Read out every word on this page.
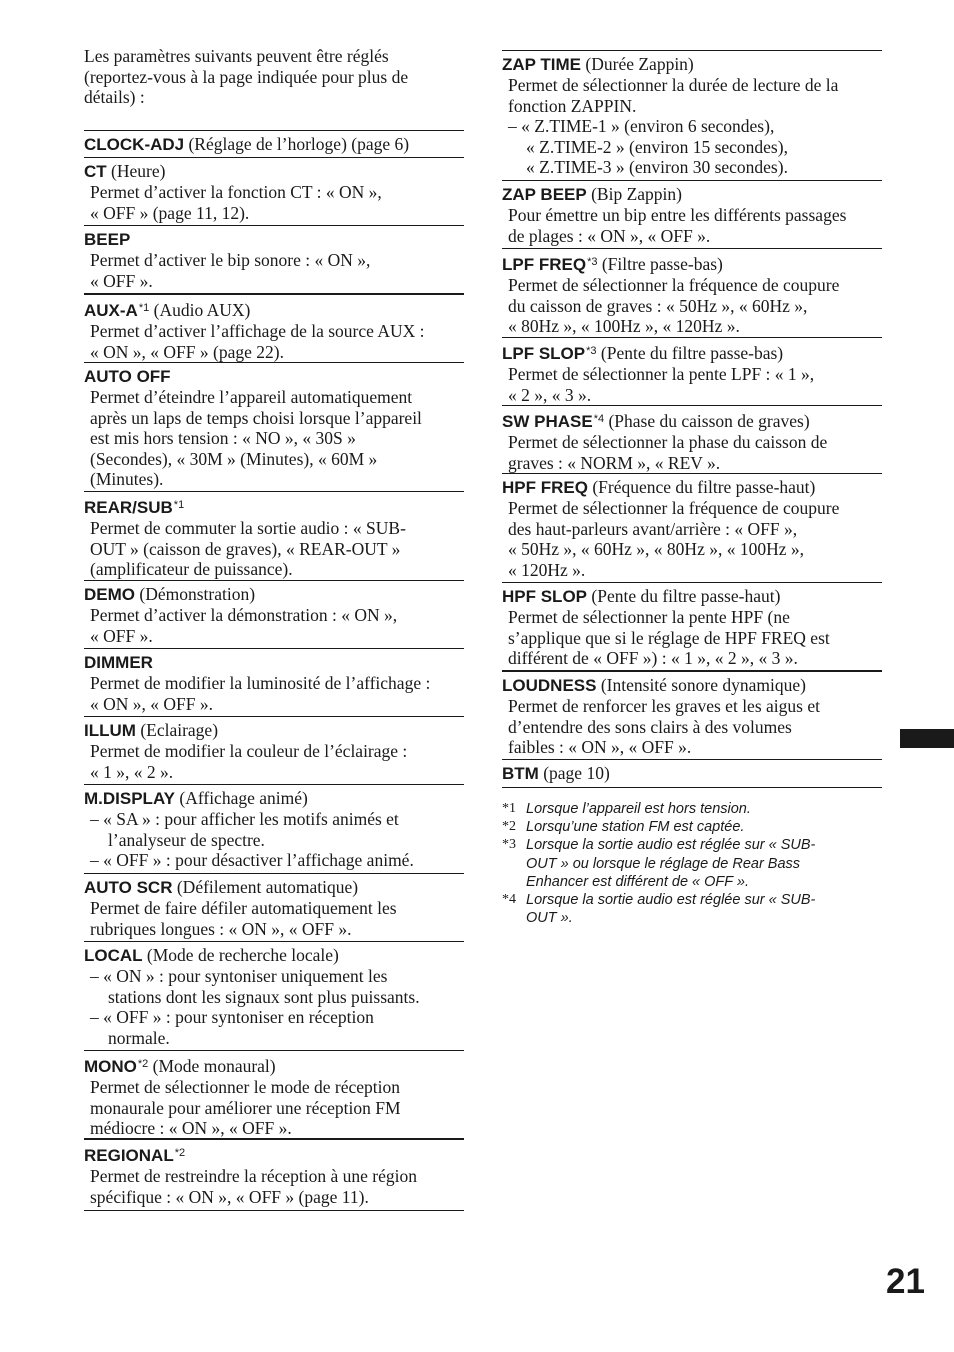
Les paramètres suivants peuvent être réglés
(reportez-vous à la page indiquée pour plus de
détails) :
CLOCK-ADJ (Réglage de l’horloge) (page 6)
CT (Heure)
Permet d’activer la fonction CT : « ON »,
« OFF » (page 11, 12).
BEEP
Permet d’activer le bip sonore : « ON »,
« OFF ».
AUX-$A^{*1}$ (Audio AUX)
Permet d’activer l’affichage de la source AUX :
« ON », « OFF » (page 22).
AUTO OFF
Permet d’éteindre l’appareil automatiquement
après un laps de temps choisi lorsque l’appareil
est mis hors tension : « NO », « 30S »
(Secondes), « 30M » (Minutes), « 60M »
(Minutes).
REAR/SUB$^{*1}$
Permet de commuter la sortie audio : « SUB-
OUT » (caisson de graves), « REAR-OUT »
(amplificateur de puissance).
DEMO (Démonstration)
Permet d’activer la démonstration : « ON »,
« OFF ».
DIMMER
Permet de modifier la luminosité de l’affichage :
« ON », « OFF ».
ILLUM (Eclairage)
Permet de modifier la couleur de l’éclairage :
« 1 », « 2 ».
M.DISPLAY (Affichage animé)
– « SA » : pour afficher les motifs animés et
l’analyseur de spectre.
– « OFF » : pour désactiver l’affichage animé.
AUTO SCR (Défilement automatique)
Permet de faire défiler automatiquement les
rubriques longues : « ON », « OFF ».
LOCAL (Mode de recherche locale)
– « ON » : pour syntoniser uniquement les
stations dont les signaux sont plus puissants.
– « OFF » : pour syntoniser en réception
normale.
MONO$^{*2}$ (Mode monaural)
Permet de sélectionner le mode de réception
monaurale pour améliorer une réception FM
médiocre : « ON », « OFF ».
REGIONAL$^{*2}$
Permet de restreindre la réception à une région
spécifique : « ON », « OFF » (page 11).
ZAP TIME (Durée Zappin)
Permet de sélectionner la durée de lecture de la
fonction ZAPPIN.
– « Z.TIME-1 » (environ 6 secondes),
« Z.TIME-2 » (environ 15 secondes),
« Z.TIME-3 » (environ 30 secondes).
ZAP BEEP (Bip Zappin)
Pour émettre un bip entre les différents passages
de plages : « ON », « OFF ».
LPF FREQ$^{*3}$ (Filtre passe-bas)
Permet de sélectionner la fréquence de coupure
du caisson de graves : « 50Hz », « 60Hz »,
« 80Hz », « 100Hz », « 120Hz ».
LPF SLOP$^{*3}$ (Pente du filtre passe-bas)
Permet de sélectionner la pente LPF : « 1 »,
« 2 », « 3 ».
SW PHASE$^{*4}$ (Phase du caisson de graves)
Permet de sélectionner la phase du caisson de
graves : « NORM », « REV ».
HPF FREQ (Fréquence du filtre passe-haut)
Permet de sélectionner la fréquence de coupure
des haut-parleurs avant/arrière : « OFF »,
« 50Hz », « 60Hz », « 80Hz », « 100Hz »,
« 120Hz ».
HPF SLOP (Pente du filtre passe-haut)
Permet de sélectionner la pente HPF (ne
s’applique que si le réglage de HPF FREQ est
différent de « OFF ») : « 1 », « 2 », « 3 ».
LOUDNESS (Intensité sonore dynamique)
Permet de renforcer les graves et les aigus et
d’entendre des sons clairs à des volumes
faibles : « ON », « OFF ».
BTM (page 10)
*1 Lorsque l’appareil est hors tension.
*2 Lorsqu’une station FM est captée.
*3 Lorsque la sortie audio est réglée sur « SUB-
OUT » ou lorsque le réglage de Rear Bass
Enhancer est différent de « OFF ».
*4 Lorsque la sortie audio est réglée sur « SUB-
OUT ».
21
